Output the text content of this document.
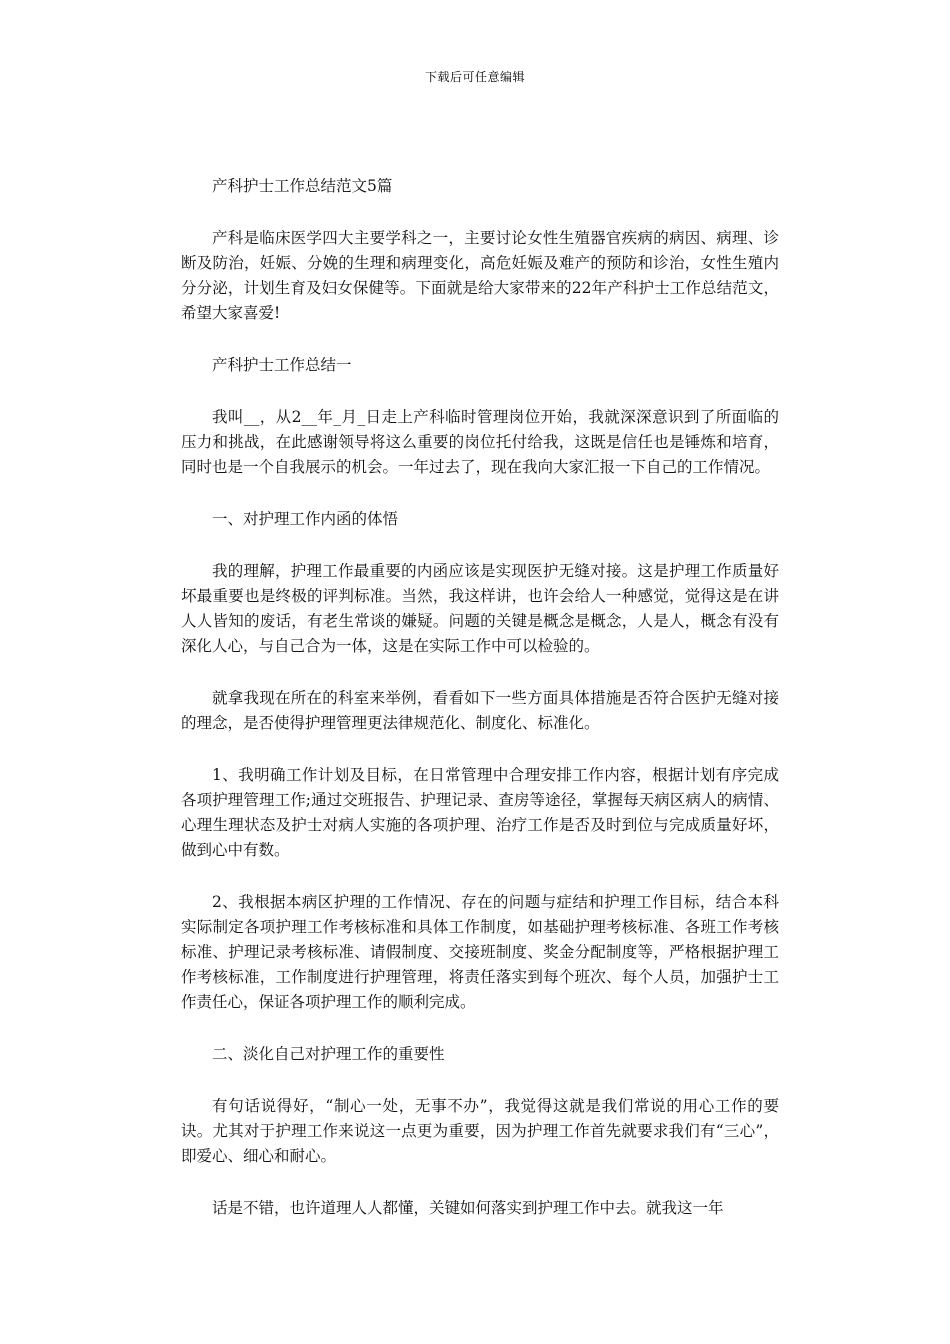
下载后可任意编辑

产科护士工作总结范文5篇

产科是临床医学四大主要学科之一，主要讨论女性生殖器官疾病的病因、病理、诊断及防治，妊娠、分娩的生理和病理变化，高危妊娠及难产的预防和诊治，女性生殖内分分泌，计划生育及妇女保健等。下面就是给大家带来的22年产科护士工作总结范文，希望大家喜爱!

产科护士工作总结一

我叫__，从2__年_月_日走上产科临时管理岗位开始，我就深深意识到了所面临的压力和挑战，在此感谢领导将这么重要的岗位托付给我，这既是信任也是锤炼和培育，同时也是一个自我展示的机会。一年过去了，现在我向大家汇报一下自己的工作情况。

一、对护理工作内函的体悟

我的理解，护理工作最重要的内函应该是实现医护无缝对接。这是护理工作质量好坏最重要也是终极的评判标准。当然，我这样讲，也许会给人一种感觉，觉得这是在讲人人皆知的废话，有老生常谈的嫌疑。问题的关键是概念是概念，人是人，概念有没有深化人心，与自己合为一体，这是在实际工作中可以检验的。

就拿我现在所在的科室来举例，看看如下一些方面具体措施是否符合医护无缝对接的理念，是否使得护理管理更法律规范化、制度化、标准化。

1、我明确工作计划及目标，在日常管理中合理安排工作内容，根据计划有序完成各项护理管理工作;通过交班报告、护理记录、查房等途径，掌握每天病区病人的病情、心理生理状态及护士对病人实施的各项护理、治疗工作是否及时到位与完成质量好坏，做到心中有数。

2、我根据本病区护理的工作情况、存在的问题与症结和护理工作目标，结合本科实际制定各项护理工作考核标准和具体工作制度，如基础护理考核标准、各班工作考核标准、护理记录考核标准、请假制度、交接班制度、奖金分配制度等，严格根据护理工作考核标准，工作制度进行护理管理，将责任落实到每个班次、每个人员，加强护士工作责任心，保证各项护理工作的顺利完成。

二、淡化自己对护理工作的重要性

有句话说得好，“制心一处，无事不办”，我觉得这就是我们常说的用心工作的要诀。尤其对于护理工作来说这一点更为重要，因为护理工作首先就要求我们有“三心”，即爱心、细心和耐心。

话是不错，也许道理人人都懂，关键如何落实到护理工作中去。就我这一年
